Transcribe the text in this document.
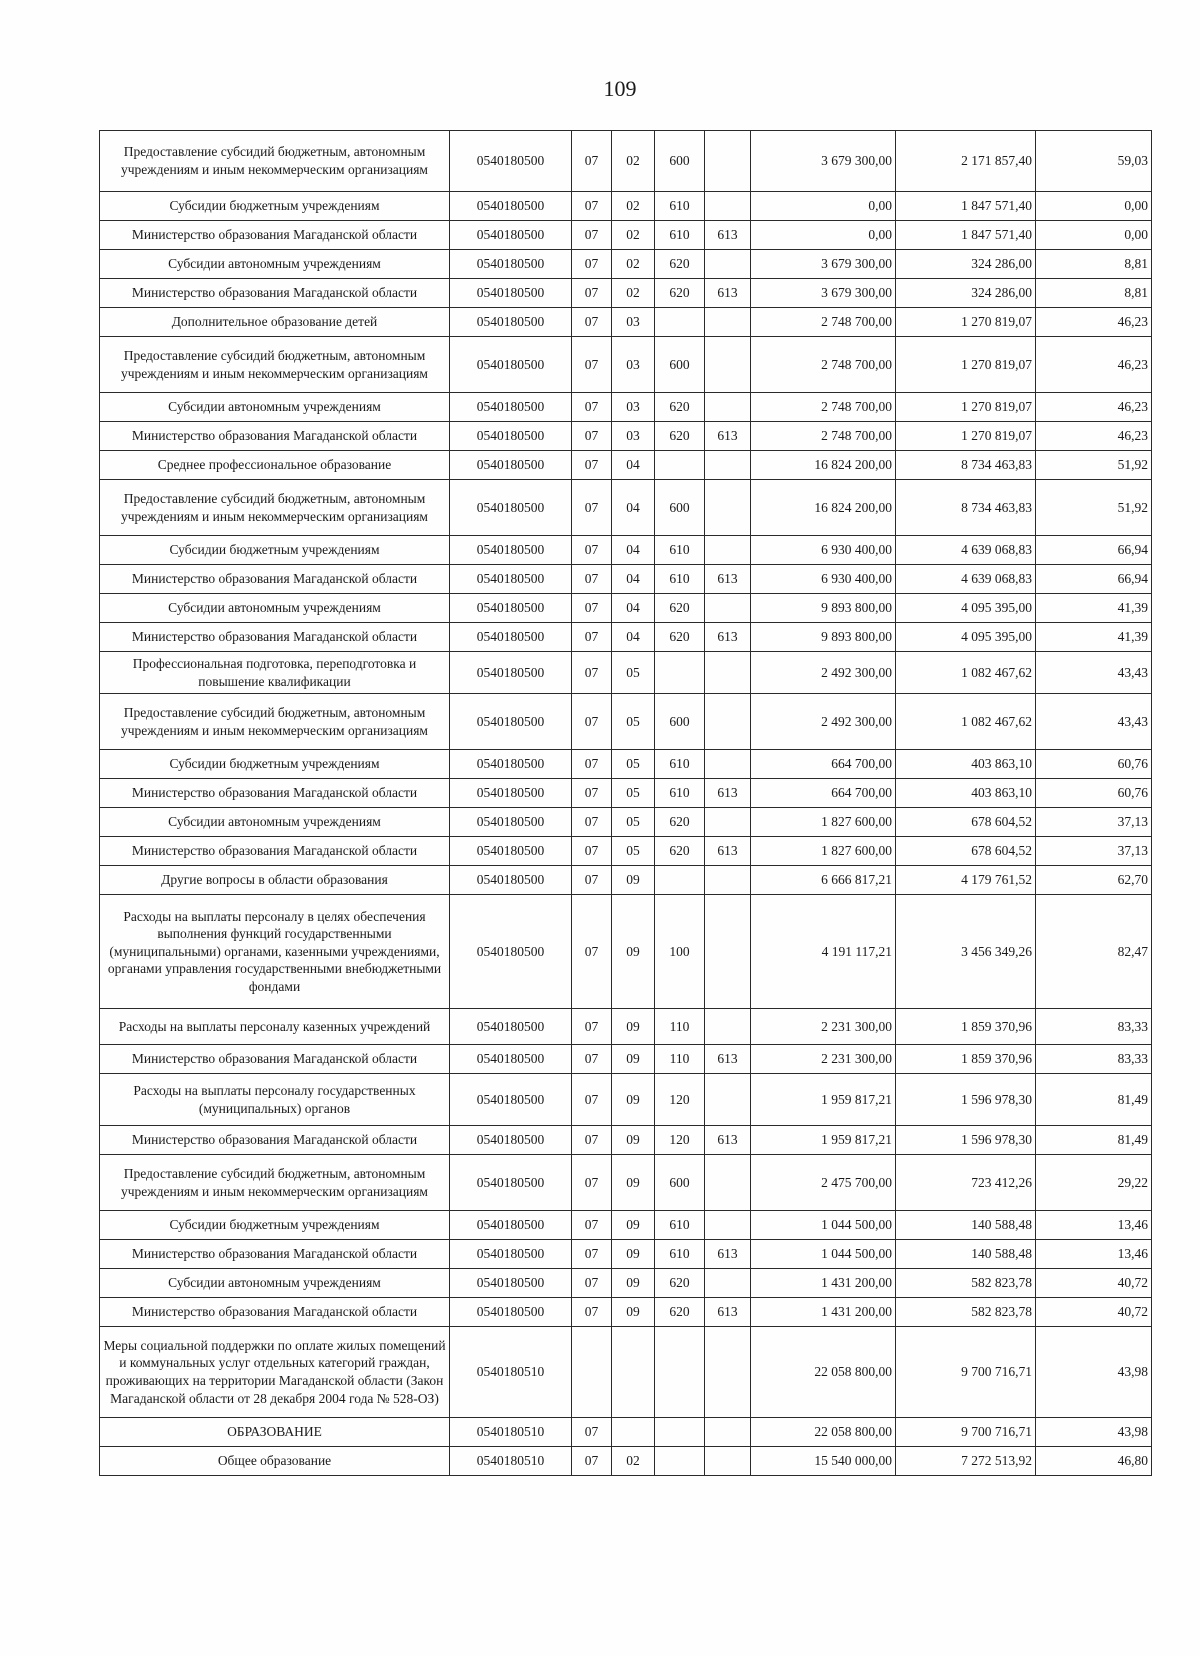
109
Предоставление субсидий бюджетным, автономным учреждениям и иным некоммерческим организациям	0540180500	07	02	600		3 679 300,00	2 171 857,40	59,03
Субсидии бюджетным учреждениям	0540180500	07	02	610		0,00	1 847 571,40	0,00
Министерство образования Магаданской области	0540180500	07	02	610	613	0,00	1 847 571,40	0,00
Субсидии автономным учреждениям	0540180500	07	02	620		3 679 300,00	324 286,00	8,81
Министерство образования Магаданской области	0540180500	07	02	620	613	3 679 300,00	324 286,00	8,81
Дополнительное образование детей	0540180500	07	03			2 748 700,00	1 270 819,07	46,23
Предоставление субсидий бюджетным, автономным учреждениям и иным некоммерческим организациям	0540180500	07	03	600		2 748 700,00	1 270 819,07	46,23
Субсидии автономным учреждениям	0540180500	07	03	620		2 748 700,00	1 270 819,07	46,23
Министерство образования Магаданской области	0540180500	07	03	620	613	2 748 700,00	1 270 819,07	46,23
Среднее профессиональное образование	0540180500	07	04			16 824 200,00	8 734 463,83	51,92
Предоставление субсидий бюджетным, автономным учреждениям и иным некоммерческим организациям	0540180500	07	04	600		16 824 200,00	8 734 463,83	51,92
Субсидии бюджетным учреждениям	0540180500	07	04	610		6 930 400,00	4 639 068,83	66,94
Министерство образования Магаданской области	0540180500	07	04	610	613	6 930 400,00	4 639 068,83	66,94
Субсидии автономным учреждениям	0540180500	07	04	620		9 893 800,00	4 095 395,00	41,39
Министерство образования Магаданской области	0540180500	07	04	620	613	9 893 800,00	4 095 395,00	41,39
Профессиональная подготовка, переподготовка и повышение квалификации	0540180500	07	05			2 492 300,00	1 082 467,62	43,43
Предоставление субсидий бюджетным, автономным учреждениям и иным некоммерческим организациям	0540180500	07	05	600		2 492 300,00	1 082 467,62	43,43
Субсидии бюджетным учреждениям	0540180500	07	05	610		664 700,00	403 863,10	60,76
Министерство образования Магаданской области	0540180500	07	05	610	613	664 700,00	403 863,10	60,76
Субсидии автономным учреждениям	0540180500	07	05	620		1 827 600,00	678 604,52	37,13
Министерство образования Магаданской области	0540180500	07	05	620	613	1 827 600,00	678 604,52	37,13
Другие вопросы в области образования	0540180500	07	09			6 666 817,21	4 179 761,52	62,70
Расходы на выплаты персоналу в целях обеспечения выполнения функций государственными (муниципальными) органами, казенными учреждениями, органами управления государственными внебюджетными фондами	0540180500	07	09	100		4 191 117,21	3 456 349,26	82,47
Расходы на выплаты персоналу казенных учреждений	0540180500	07	09	110		2 231 300,00	1 859 370,96	83,33
Министерство образования Магаданской области	0540180500	07	09	110	613	2 231 300,00	1 859 370,96	83,33
Расходы на выплаты персоналу государственных (муниципальных) органов	0540180500	07	09	120		1 959 817,21	1 596 978,30	81,49
Министерство образования Магаданской области	0540180500	07	09	120	613	1 959 817,21	1 596 978,30	81,49
Предоставление субсидий бюджетным, автономным учреждениям и иным некоммерческим организациям	0540180500	07	09	600		2 475 700,00	723 412,26	29,22
Субсидии бюджетным учреждениям	0540180500	07	09	610		1 044 500,00	140 588,48	13,46
Министерство образования Магаданской области	0540180500	07	09	610	613	1 044 500,00	140 588,48	13,46
Субсидии автономным учреждениям	0540180500	07	09	620		1 431 200,00	582 823,78	40,72
Министерство образования Магаданской области	0540180500	07	09	620	613	1 431 200,00	582 823,78	40,72
Меры социальной поддержки по оплате жилых помещений и коммунальных услуг отдельных категорий граждан, проживающих на территории Магаданской области (Закон Магаданской области от 28 декабря 2004 года № 528-ОЗ)	0540180510					22 058 800,00	9 700 716,71	43,98
ОБРАЗОВАНИЕ	0540180510	07				22 058 800,00	9 700 716,71	43,98
Общее образование	0540180510	07	02			15 540 000,00	7 272 513,92	46,80
